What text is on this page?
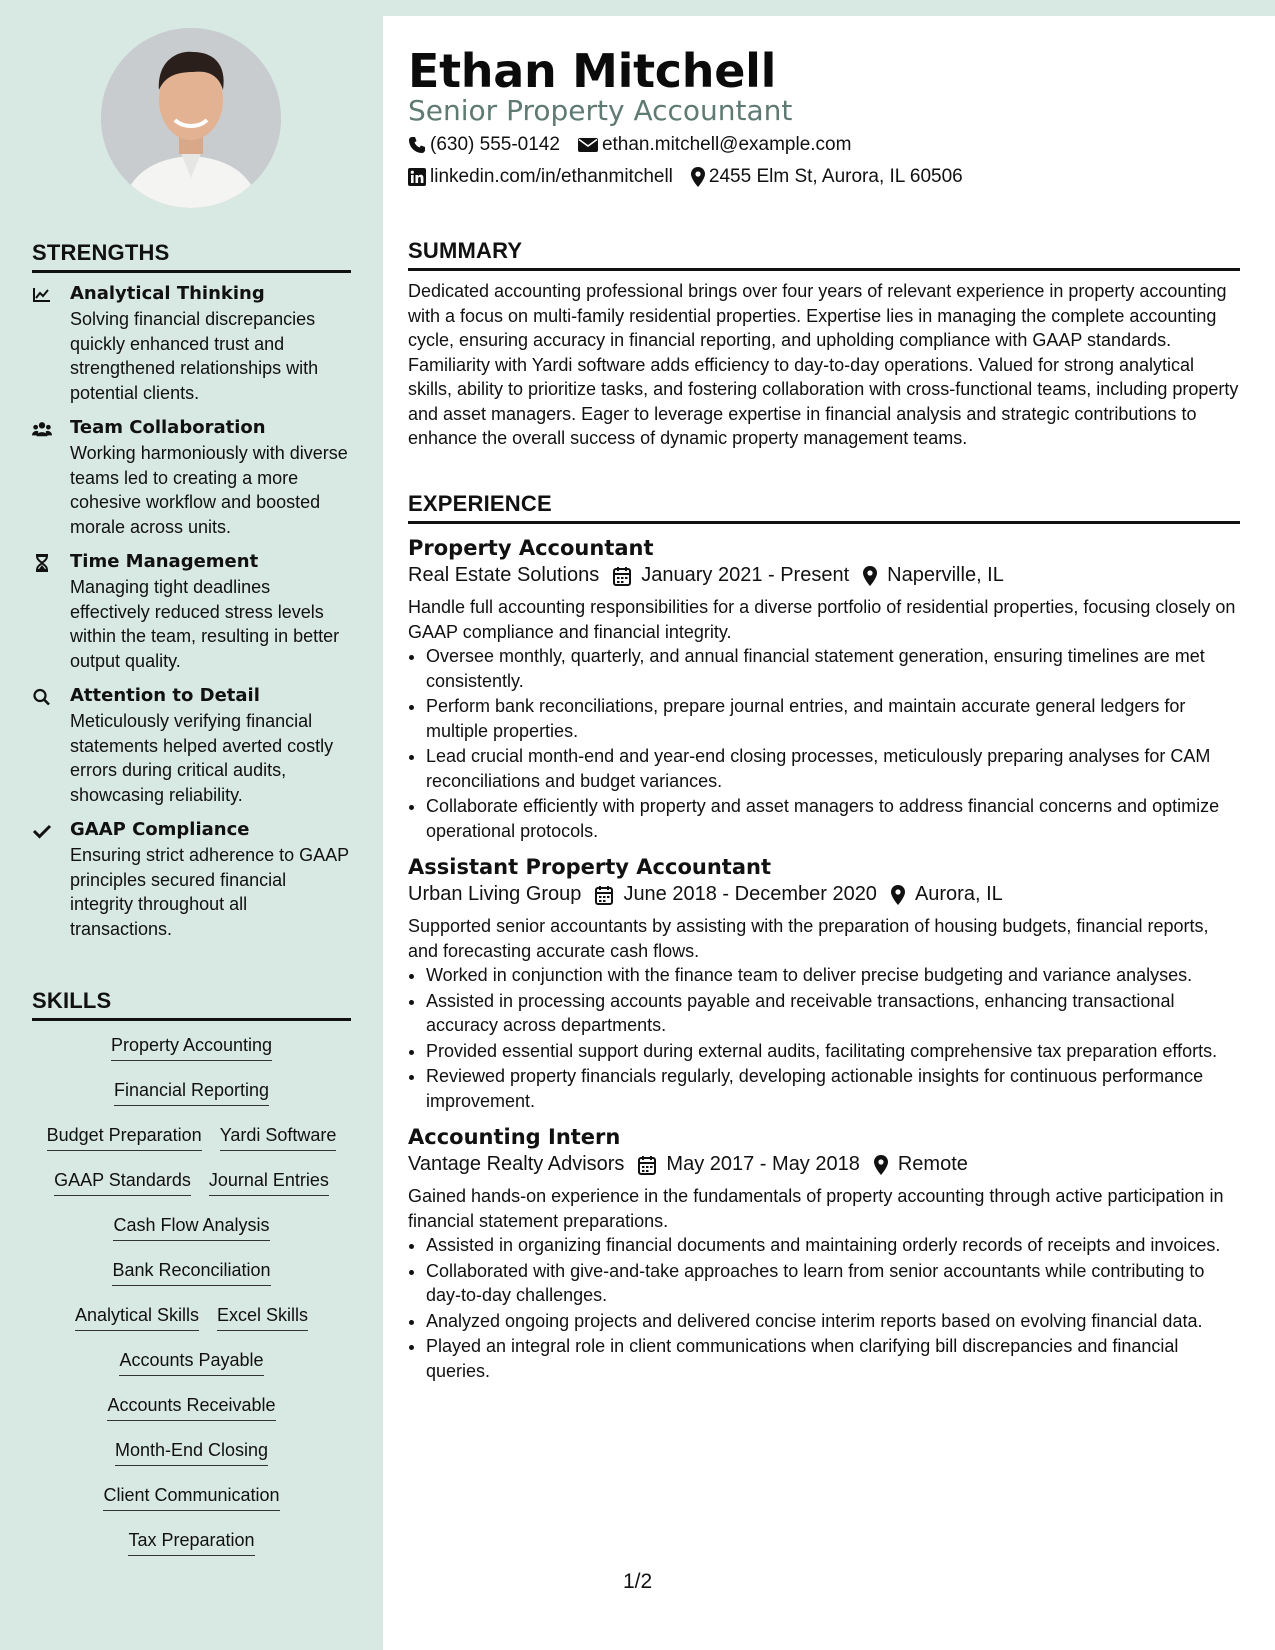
STRENGTHS
Analytical Thinking
Solving financial discrepancies quickly enhanced trust and strengthened relationships with potential clients.
Team Collaboration
Working harmoniously with diverse teams led to creating a more cohesive workflow and boosted morale across units.
Time Management
Managing tight deadlines effectively reduced stress levels within the team, resulting in better output quality.
Attention to Detail
Meticulously verifying financial statements helped averted costly errors during critical audits, showcasing reliability.
GAAP Compliance
Ensuring strict adherence to GAAP principles secured financial integrity throughout all transactions.
SKILLS
Property Accounting
Financial Reporting
Budget Preparation Yardi Software
GAAP Standards Journal Entries
Cash Flow Analysis
Bank Reconciliation
Analytical Skills Excel Skills
Accounts Payable
Accounts Receivable
Month-End Closing
Client Communication
Tax Preparation
Ethan Mitchell
Senior Property Accountant
(630) 555-0142 ethan.mitchell@example.com
linkedin.com/in/ethanmitchell 2455 Elm St, Aurora, IL 60506
SUMMARY

Dedicated accounting professional brings over four years of relevant experience in property accounting with a focus on multi-family residential properties. Expertise lies in managing the complete accounting cycle, ensuring accuracy in financial reporting, and upholding compliance with GAAP standards. Familiarity with Yardi software adds efficiency to day-to-day operations. Valued for strong analytical skills, ability to prioritize tasks, and fostering collaboration with cross-functional teams, including property and asset managers. Eager to leverage expertise in financial analysis and strategic contributions to enhance the overall success of dynamic property management teams.

EXPERIENCE
Property Accountant
Real Estate Solutions January 2021 - Present Naperville, IL
Handle full accounting responsibilities for a diverse portfolio of residential properties, focusing closely on GAAP compliance and financial integrity.
• Oversee monthly, quarterly, and annual financial statement generation, ensuring timelines are met consistently.
• Perform bank reconciliations, prepare journal entries, and maintain accurate general ledgers for multiple properties.
• Lead crucial month-end and year-end closing processes, meticulously preparing analyses for CAM reconciliations and budget variances.
• Collaborate efficiently with property and asset managers to address financial concerns and optimize operational protocols.
Assistant Property Accountant
Urban Living Group June 2018 - December 2020 Aurora, IL
Supported senior accountants by assisting with the preparation of housing budgets, financial reports, and forecasting accurate cash flows.
• Worked in conjunction with the finance team to deliver precise budgeting and variance analyses.
• Assisted in processing accounts payable and receivable transactions, enhancing transactional accuracy across departments.
• Provided essential support during external audits, facilitating comprehensive tax preparation efforts.
• Reviewed property financials regularly, developing actionable insights for continuous performance improvement.
Accounting Intern
Vantage Realty Advisors May 2017 - May 2018 Remote
Gained hands-on experience in the fundamentals of property accounting through active participation in financial statement preparations.
• Assisted in organizing financial documents and maintaining orderly records of receipts and invoices.
• Collaborated with give-and-take approaches to learn from senior accountants while contributing to day-to-day challenges.
• Analyzed ongoing projects and delivered concise interim reports based on evolving financial data.
• Played an integral role in client communications when clarifying bill discrepancies and financial queries.
1/2
